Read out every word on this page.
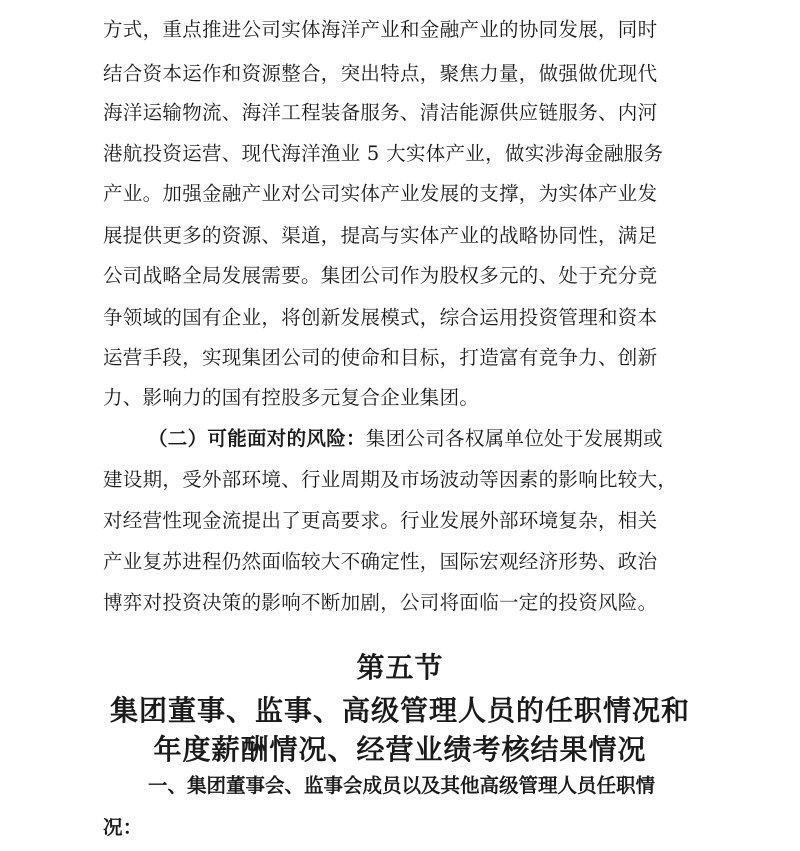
方式，重点推进公司实体海洋产业和金融产业的协同发展，同时
结合资本运作和资源整合，突出特点，聚焦力量，做强做优现代
海洋运输物流、海洋工程装备服务、清洁能源供应链服务、内河
港航投资运营、现代海洋渔业 5 大实体产业，做实涉海金融服务
产业。加强金融产业对公司实体产业发展的支撑，为实体产业发
展提供更多的资源、渠道，提高与实体产业的战略协同性，满足
公司战略全局发展需要。集团公司作为股权多元的、处于充分竞
争领域的国有企业，将创新发展模式，综合运用投资管理和资本
运营手段，实现集团公司的使命和目标，打造富有竞争力、创新
力、影响力的国有控股多元复合企业集团。
（二）可能面对的风险：集团公司各权属单位处于发展期或
建设期，受外部环境、行业周期及市场波动等因素的影响比较大，
对经营性现金流提出了更高要求。行业发展外部环境复杂，相关
产业复苏进程仍然面临较大不确定性，国际宏观经济形势、政治
博弈对投资决策的影响不断加剧，公司将面临一定的投资风险。
第五节
集团董事、监事、高级管理人员的任职情况和
年度薪酬情况、经营业绩考核结果情况
一、集团董事会、监事会成员以及其他高级管理人员任职情
况：
